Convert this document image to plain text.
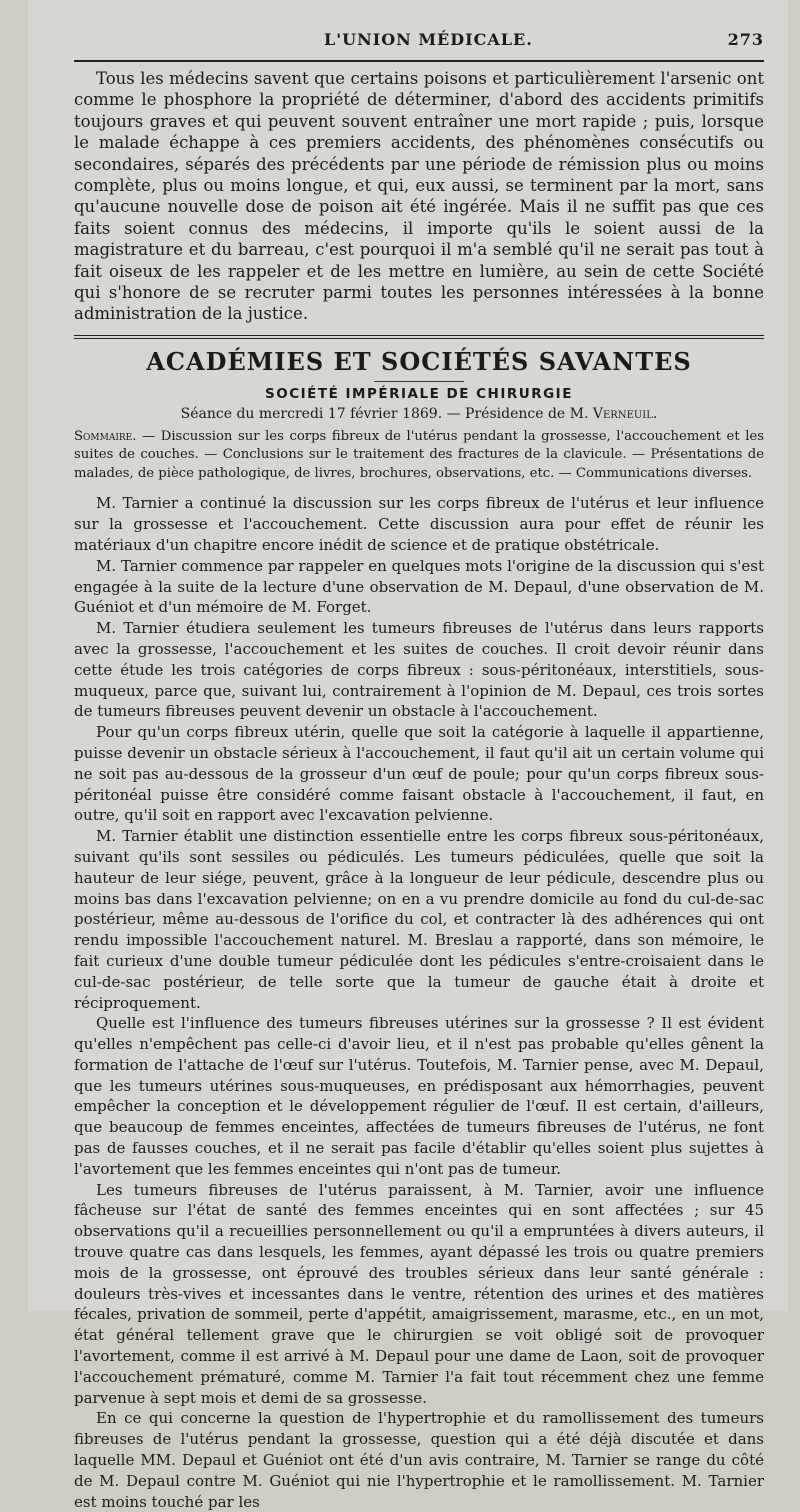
L'UNION MÉDICALE.	273

Tous les médecins savent que certains poisons et particulièrement l'arsenic ont comme le phosphore la propriété de déterminer, d'abord des accidents primitifs toujours graves et qui peuvent souvent entraîner une mort rapide ; puis, lorsque le malade échappe à ces premiers accidents, des phénomènes consécutifs ou secondaires, séparés des précédents par une période de rémission plus ou moins complète, plus ou moins longue, et qui, eux aussi, se terminent par la mort, sans qu'aucune nouvelle dose de poison ait été ingérée. Mais il ne suffit pas que ces faits soient connus des médecins, il importe qu'ils le soient aussi de la magistrature et du barreau, c'est pourquoi il m'a semblé qu'il ne serait pas tout à fait oiseux de les rappeler et de les mettre en lumière, au sein de cette Société qui s'honore de se recruter parmi toutes les personnes intéressées à la bonne administration de la justice.

ACADÉMIES ET SOCIÉTÉS SAVANTES
SOCIÉTÉ IMPÉRIALE DE CHIRURGIE
Séance du mercredi 17 février 1869. — Présidence de M. Verneuil.
Sommaire. — Discussion sur les corps fibreux de l'utérus pendant la grossesse, l'accouchement et les suites de couches. — Conclusions sur le traitement des fractures de la clavicule. — Présentations de malades, de pièce pathologique, de livres, brochures, observations, etc. — Communications diverses.

M. Tarnier a continué la discussion sur les corps fibreux de l'utérus et leur influence sur la grossesse et l'accouchement. Cette discussion aura pour effet de réunir les matériaux d'un chapitre encore inédit de science et de pratique obstétricale.

M. Tarnier commence par rappeler en quelques mots l'origine de la discussion qui s'est engagée à la suite de la lecture d'une observation de M. Depaul, d'une observation de M. Guéniot et d'un mémoire de M. Forget.

M. Tarnier étudiera seulement les tumeurs fibreuses de l'utérus dans leurs rapports avec la grossesse, l'accouchement et les suites de couches. Il croit devoir réunir dans cette étude les trois catégories de corps fibreux : sous-péritonéaux, interstitiels, sous-muqueux, parce que, suivant lui, contrairement à l'opinion de M. Depaul, ces trois sortes de tumeurs fibreuses peuvent devenir un obstacle à l'accouchement.

Pour qu'un corps fibreux utérin, quelle que soit la catégorie à laquelle il appartienne, puisse devenir un obstacle sérieux à l'accouchement, il faut qu'il ait un certain volume qui ne soit pas au-dessous de la grosseur d'un œuf de poule; pour qu'un corps fibreux sous-péritonéal puisse être considéré comme faisant obstacle à l'accouchement, il faut, en outre, qu'il soit en rapport avec l'excavation pelvienne.

M. Tarnier établit une distinction essentielle entre les corps fibreux sous-péritonéaux, suivant qu'ils sont sessiles ou pédiculés. Les tumeurs pédiculées, quelle que soit la hauteur de leur siége, peuvent, grâce à la longueur de leur pédicule, descendre plus ou moins bas dans l'excavation pelvienne; on en a vu prendre domicile au fond du cul-de-sac postérieur, même au-dessous de l'orifice du col, et contracter là des adhérences qui ont rendu impossible l'accouchement naturel. M. Breslau a rapporté, dans son mémoire, le fait curieux d'une double tumeur pédiculée dont les pédicules s'entre-croisaient dans le cul-de-sac postérieur, de telle sorte que la tumeur de gauche était à droite et réciproquement.

Quelle est l'influence des tumeurs fibreuses utérines sur la grossesse ? Il est évident qu'elles n'empêchent pas celle-ci d'avoir lieu, et il n'est pas probable qu'elles gênent la formation de l'attache de l'œuf sur l'utérus. Toutefois, M. Tarnier pense, avec M. Depaul, que les tumeurs utérines sous-muqueuses, en prédisposant aux hémorrhagies, peuvent empêcher la conception et le développement régulier de l'œuf. Il est certain, d'ailleurs, que beaucoup de femmes enceintes, affectées de tumeurs fibreuses de l'utérus, ne font pas de fausses couches, et il ne serait pas facile d'établir qu'elles soient plus sujettes à l'avortement que les femmes enceintes qui n'ont pas de tumeur.

Les tumeurs fibreuses de l'utérus paraissent, à M. Tarnier, avoir une influence fâcheuse sur l'état de santé des femmes enceintes qui en sont affectées ; sur 45 observations qu'il a recueillies personnellement ou qu'il a empruntées à divers auteurs, il trouve quatre cas dans lesquels, les femmes, ayant dépassé les trois ou quatre premiers mois de la grossesse, ont éprouvé des troubles sérieux dans leur santé générale : douleurs très-vives et incessantes dans le ventre, rétention des urines et des matières fécales, privation de sommeil, perte d'appétit, amaigrissement, marasme, etc., en un mot, état général tellement grave que le chirurgien se voit obligé soit de provoquer l'avortement, comme il est arrivé à M. Depaul pour une dame de Laon, soit de provoquer l'accouchement prématuré, comme M. Tarnier l'a fait tout récemment chez une femme parvenue à sept mois et demi de sa grossesse.

En ce qui concerne la question de l'hypertrophie et du ramollissement des tumeurs fibreuses de l'utérus pendant la grossesse, question qui a été déjà discutée et dans laquelle MM. Depaul et Guéniot ont été d'un avis contraire, M. Tarnier se range du côté de M. Depaul contre M. Guéniot qui nie l'hypertrophie et le ramollissement. M. Tarnier est moins touché par les
